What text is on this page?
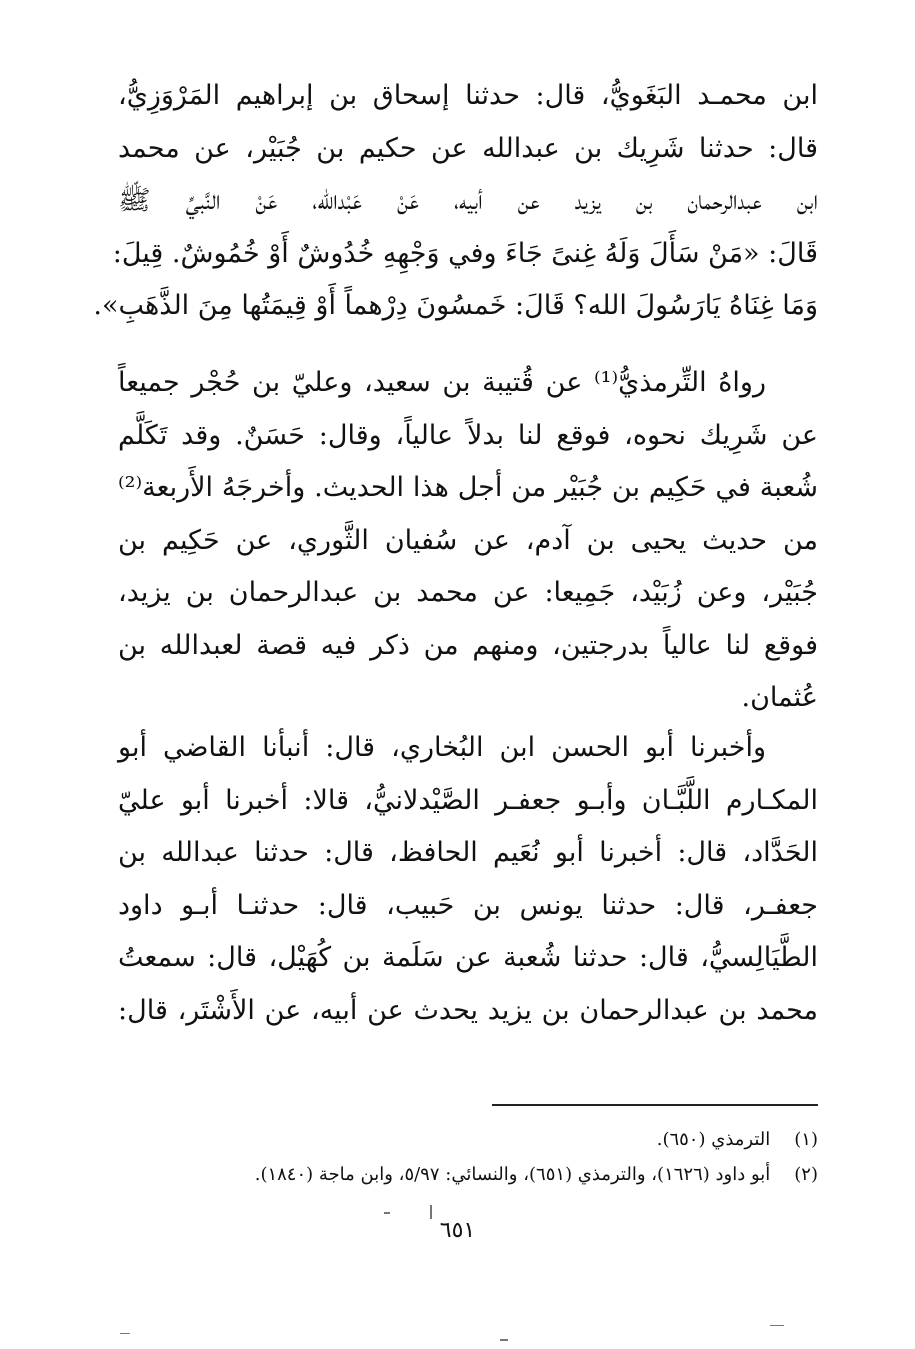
ابن محمـد البَغَويُّ، قال: حدثنا إسحاق بن إبراهيم المَرْوَزِيُّ،
قال: حدثنا شَرِيك بن عبدالله عن حكيم بن جُبَيْر، عن محمد
ابن عبدالرحمان بن يزيد عن أبيه، عَنْ عَبْدالله، عَنْ النَّبيِّ ﷺ
قَالَ: «مَنْ سَأَلَ وَلَهُ غِنىً جَاءَ وفي وَجْهِهِ خُدُوشٌ أَوْ خُمُوشٌ. قِيلَ:
وَمَا غِنَاهُ يَارَسُولَ الله؟ قَالَ: خَمسُونَ دِرْهماً أَوْ قِيمَتُها مِنَ الذَّهَبِ».
رواهُ التِّرمذيُّ⁽¹⁾ عن قُتيبة بن سعيد، وعليّ بن حُجْر جميعاً
عن شَرِيك نحوه، فوقع لنا بدلاً عالياً، وقال: حَسَنٌ. وقد تَكَلَّم
شُعبة في حَكِيم بن جُبَيْر من أجل هذا الحديث. وأخرجَهُ الأَربعة⁽²⁾
من حديث يحيى بن آدم، عن سُفيان الثَّوري، عن حَكِيم بن
جُبَيْر، وعن زُبَيْد، جَمِيعا: عن محمد بن عبدالرحمان بن يزيد،
فوقع لنا عالياً بدرجتين، ومنهم من ذكر فيه قصة لعبدالله بن
عُثمان.
وأخبرنا أبو الحسن ابن البُخاري، قال: أنبأنا القاضي أبو
المكـارم اللَّبَّـان وأبـو جعفـر الصَّيْدلانيُّ، قالا: أخبرنا أبو عليّ
الحَدَّاد، قال: أخبرنا أبو نُعَيم الحافظ، قال: حدثنا عبدالله بن
جعفـر، قال: حدثنا يونس بن حَبيب، قال: حدثنـا أبـو داود
الطَّيَالِسيُّ، قال: حدثنا شُعبة عن سَلَمة بن كُهَيْل، قال: سمعتُ
محمد بن عبدالرحمان بن يزيد يحدث عن أبيه، عن الأَشْتَر، قال:
(١) الترمذي (٦٥٠).
(٢) أبو داود (١٦٢٦)، والترمذي (٦٥١)، والنسائي: ٥/٩٧، وابن ماجة (١٨٤٠).
٦٥١
